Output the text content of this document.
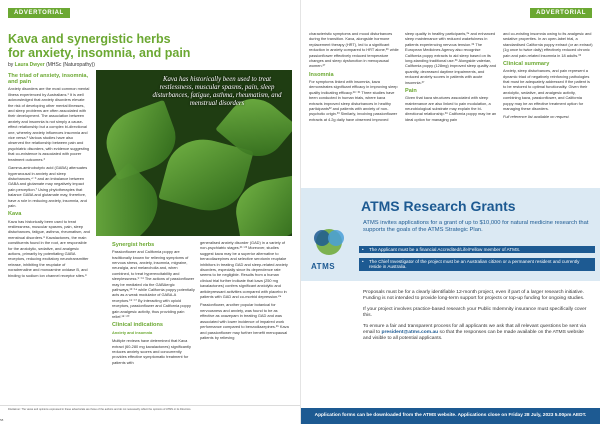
ADVERTORIAL
Kava and synergistic herbs
for anxiety, insomnia, and pain
by Laura Dwyer (MHSc (Naturopathy))
The triad of anxiety, insomnia, and pain

Anxiety disorders are the most common mental illness experienced by Australians.¹ It is well acknowledged that anxiety disorders elevate the risk of developing other mental illnesses, and sleep problems are often associated with their development. The association between anxiety and insomnia is not simply a cause-effect relationship but a complex bi-directional one, whereby anxiety influences insomnia and vice versa.² Various studies have also observed the relationship between pain and psychiatric disorders, with evidence suggesting that co-existence is associated with poorer treatment outcomes.³

Gamma-aminobutyric acid (GABA) attenuates hyperarousal in anxiety and sleep disturbances,⁴⁻⁶ and an imbalance between GABA and glutamate may negatively impact pain perception.⁷ Using phytotherapies that balance GABA and glutamate may, therefore, have a role in reducing anxiety, insomnia, and pain.

Kava

Kava has historically been used to treat restlessness, muscular spasms, pain, sleep disturbances, fatigue, asthma, rheumatism, and menstrual disorders.⁸ Kavalactones, the main constituents found in the root, are responsible for the anxiolytic, sedative, and analgesic actions, primarily by potentiating GABA receptors, reducing excitatory neurotransmitter release, inhibiting the reuptake of noradrenaline and monoamine oxidase B, and binding to sodium ion channel receptor sites.⁸

Kava has historically been used to treat restlessness, muscular spasms, pain, sleep disturbances, fatigue, asthma, rheumatism, and menstrual disorders
Synergist herbs

Passionflower and California poppy are traditionally known for relieving symptoms of nervous stress, anxiety, insomnia, migraine, neuralgia, and melancholia and, when combined, to treat hyperexcitability and sleeplessness.⁹⁻¹¹ The actions of passionflower may be mediated via the GABAergic pathways,¹²⁻¹⁴ while California poppy potentially acts as a weak modulator of GABA-A receptors.¹⁵⁻¹⁷ By interacting with opioid receptors, passionflower and California poppy gain analgesic activity, thus providing pain relief.¹⁸⁻²⁰

Clinical indications

Anxiety and insomnia

Multiple reviews have determined that Kava extract (60-280 mg kavalactones) significantly reduces anxiety scores and concurrently provides effective symptomatic treatment for patients with

generalised anxiety disorder (GAD) in a variety of non-psychiatric stages.²¹⁻²³ Moreover, studies suggest kava may be a superior alternative to benzodiazepines and selective serotonin reuptake inhibitors in treating GAD and sleep-related anxiety disorders, especially since its dependence rate seems to be negligible. Results from a human clinical trial further indicate that kava (250 mg kavalactones) confers significant anxiolytic and antidepressant activities compared with placebo in patients with GAD and co-morbid depression.²⁴

Passionflower, another popular botanical for nervousness and anxiety, was found to be as effective as oxazepam in treating GAD and was associated with lower incidence of impaired work performance compared to benzodiazepines.²⁵ Kava and passionflower may further benefit menopausal patients by relieving

Disclaimer: The views and opinions expressed in these advertorials are those of the authors and do not necessarily reflect the opinions of ATMS or its Directors.
58
ADVERTORIAL

characteristic symptoms and mood disturbances during the transition. Kava, alongside hormone replacement therapy (HRT), led to a significant reduction in anxiety compared to HRT alone,²⁶ while passionflower effectively reduced temperature changes and sleep dysfunction in menopausal women.²⁷

Insomnia

For symptoms linked with insomnia, kava demonstrates significant efficacy in improving sleep quality indicating efficacy.²⁸⁻³¹ Three studies have been conducted in human trials, where kava extracts improved sleep disturbances in healthy participants³² and patients with anxiety of non-psychotic origin.³³ Similarly, involving passionflower extracts at 4.2g daily have observed improved

sleep quality in healthy participants,³⁴ and enhanced sleep maintenance with reduced wakefulness in patients experiencing nervous tension.³⁵ The European Medicines Agency also recognise California poppy extracts to aid sleep based on its long-standing traditional use.³⁶ Alongside valerian, California poppy (128mg) improved sleep quality and quantity, decreased daytime impairments, and reduced anxiety scores in patients with acute insomnia.³⁷

Pain

Given that kava structures associated with sleep maintenance are also linked to pain modulation, a neurobiological substrate may explain the bi-directional relationship.³⁸ California poppy may be an ideal option for managing pain

and co-existing insomnia owing to its analgesic and sedative properties. In an open-label trial, a standardised California poppy extract (or an extract) (1g once to twice daily) effectively reduced chronic pain and pain-related insomnia in 18 adults.³⁹

Clinical summary

Anxiety, sleep disturbances, and pain represent a dynamic triad of negatively reinforcing pathologies that must be adequately addressed if the patient is to be restored to optimal functionality. Given their anxiolytic, sedative, and analgesic activity, combining kava, passionflower, and California poppy may be an effective treatment option for managing these disorders.

Full reference list available on request.

ATMS Research Grants
ATMS
ATMS invites applications for a grant of up to $10,000 for natural medicine research that supports the goals of the ATMS Strategic Plan.
• The Applicant must be a financial Accredited/Life/Fellow member of ATMS.
• The Chief Investigator of the project must be an Australian citizen or a permanent resident and currently reside in Australia.

Proposals must be for a clearly identifiable 12-month project, even if part of a larger research initiative. Funding is not intended to provide long-term support for projects or top-up funding for ongoing studies.

If your project involves practice-based research your Public Indemnity insurance must specifically cover this.

To ensure a fair and transparent process for all applicants we ask that all relevant questions be sent via email to president@atms.com.au so that the responses can be made available on the ATMS website and visible to all potential applicants.

Application forms can be downloaded from the ATMS website. Applications close on Friday 28 July, 2023 5.00pm AEDT.
